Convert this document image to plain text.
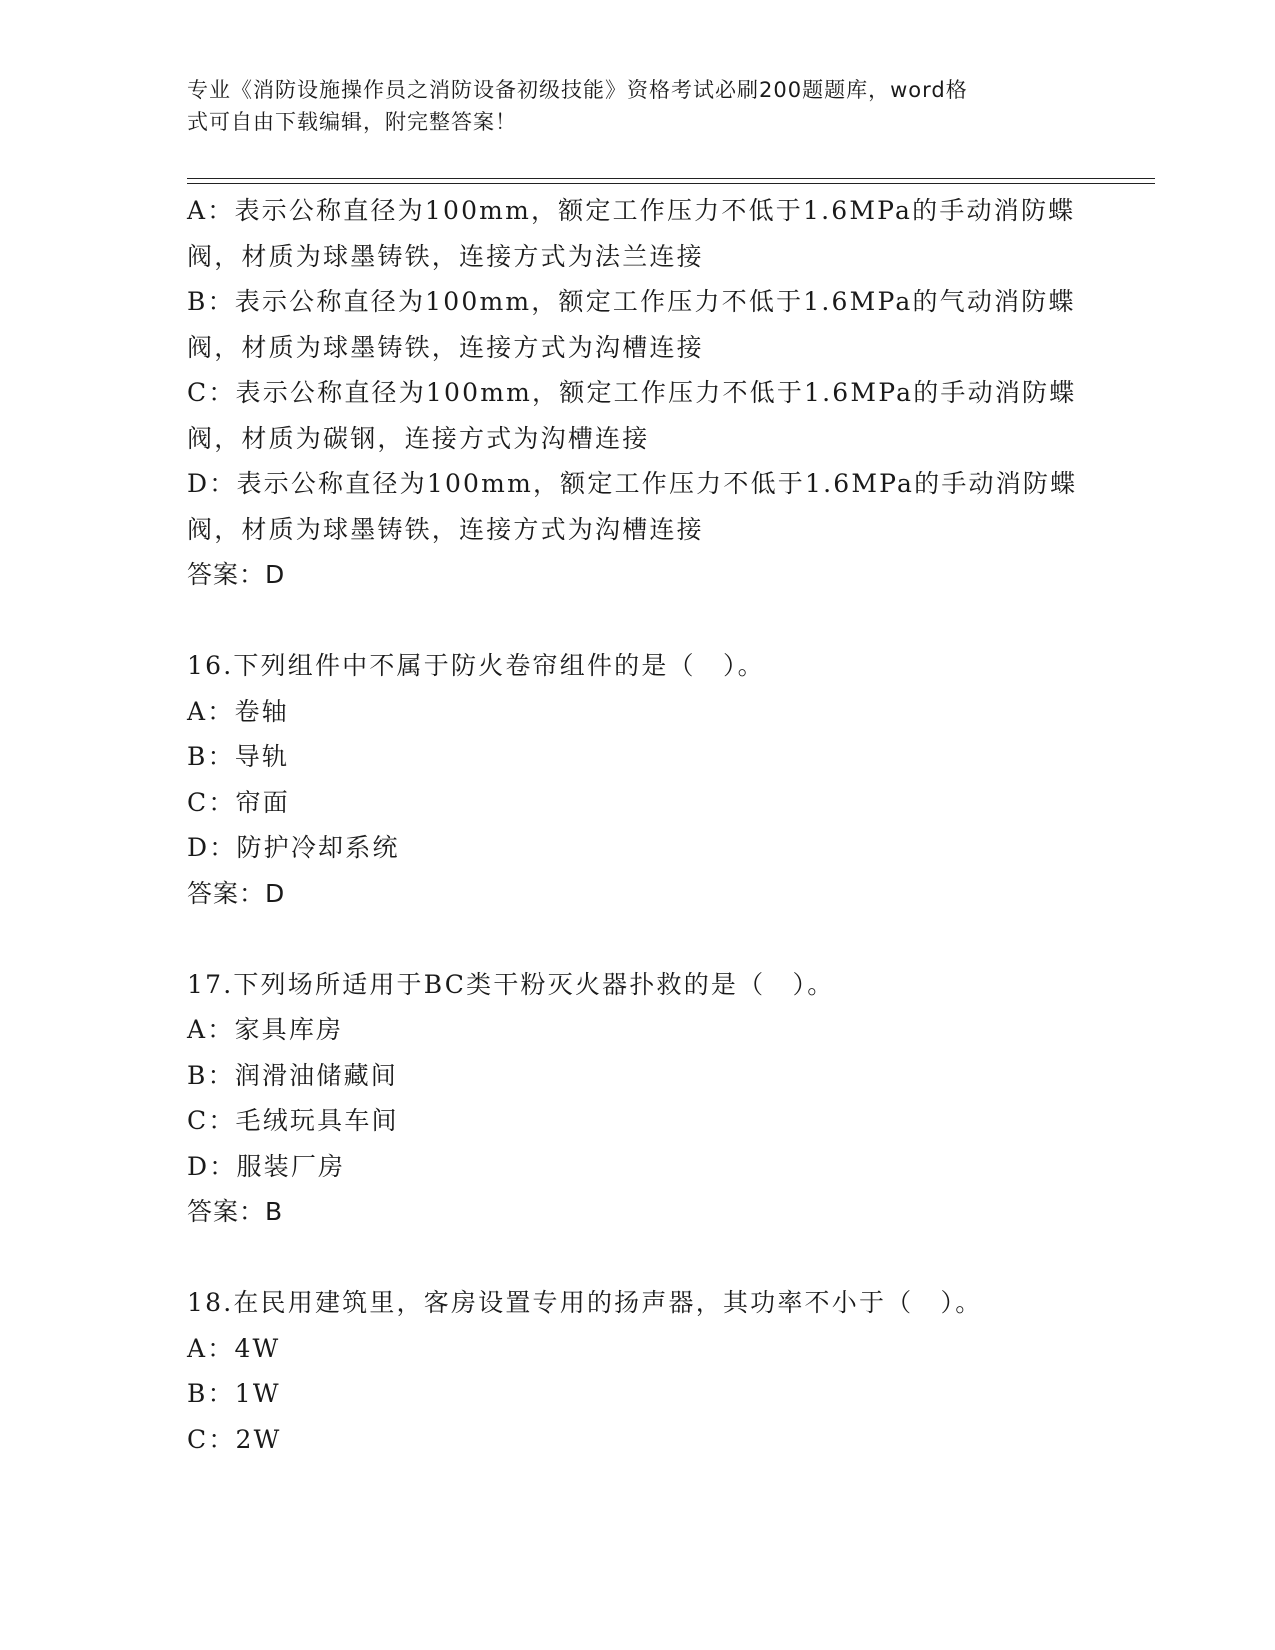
专业《消防设施操作员之消防设备初级技能》资格考试必刷200题题库，word格
式可自由下载编辑，附完整答案！
A：表示公称直径为100mm，额定工作压力不低于1.6MPa的手动消防蝶
阀，材质为球墨铸铁，连接方式为法兰连接
B：表示公称直径为100mm，额定工作压力不低于1.6MPa的气动消防蝶
阀，材质为球墨铸铁，连接方式为沟槽连接
C：表示公称直径为100mm，额定工作压力不低于1.6MPa的手动消防蝶
阀，材质为碳钢，连接方式为沟槽连接
D：表示公称直径为100mm，额定工作压力不低于1.6MPa的手动消防蝶
阀，材质为球墨铸铁，连接方式为沟槽连接
答案：D
16.下列组件中不属于防火卷帘组件的是（　）。
A：卷轴
B：导轨
C：帘面
D：防护冷却系统
答案：D
17.下列场所适用于BC类干粉灭火器扑救的是（　）。
A：家具库房
B：润滑油储藏间
C：毛绒玩具车间
D：服装厂房
答案：B
18.在民用建筑里，客房设置专用的扬声器，其功率不小于（　）。
A：4W
B：1W
C：2W
